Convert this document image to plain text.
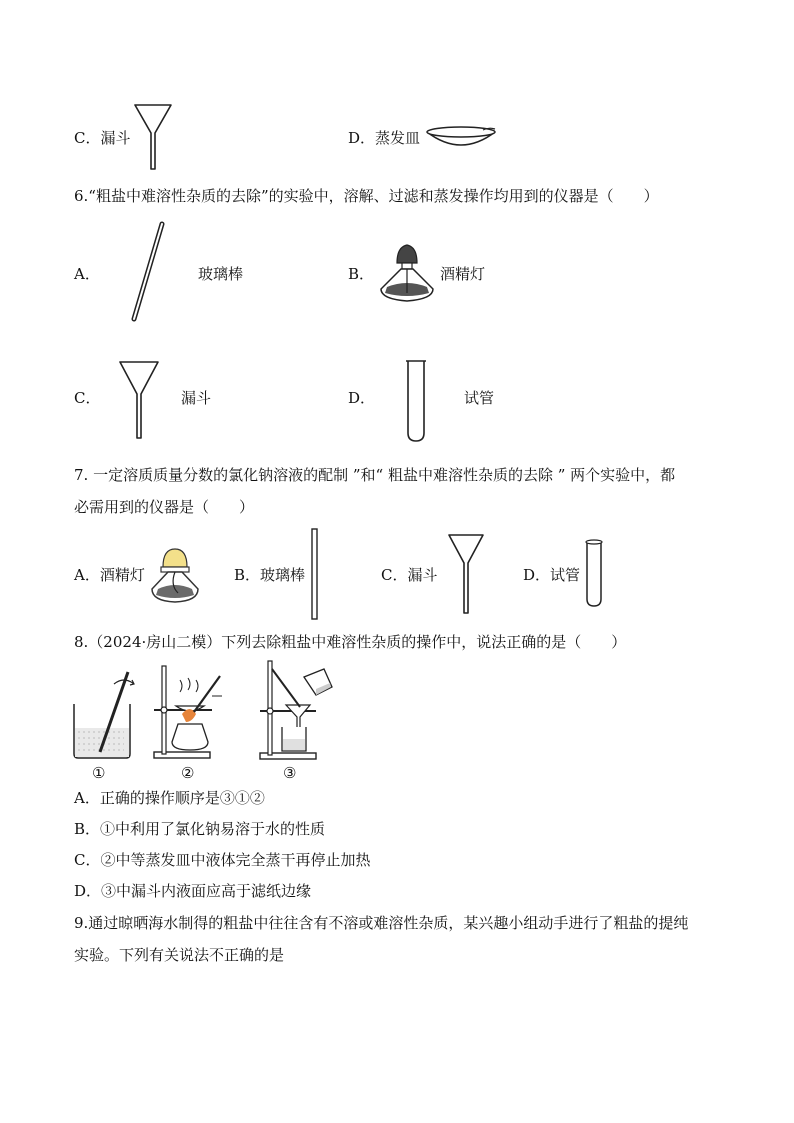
C．漏斗	D．蒸发皿
6.“粗盐中难溶性杂质的去除”的实验中，溶解、过滤和蒸发操作均用到的仪器是（　　）
A．	玻璃棒	B．	酒精灯
C．	漏斗	D．	试管
7. 一定溶质质量分数的氯化钠溶液的配制 ”和“ 粗盐中难溶性杂质的去除 ” 两个实验中，都
必需用到的仪器是（　　）
A．酒精灯	B．玻璃棒	C．漏斗	D．试管
8.（2024·房山二模）下列去除粗盐中难溶性杂质的操作中，说法正确的是（　　）
①	②	③
A．正确的操作顺序是③①②
B．①中利用了氯化钠易溶于水的性质
C．②中等蒸发皿中液体完全蒸干再停止加热
D．③中漏斗内液面应高于滤纸边缘
9.通过晾晒海水制得的粗盐中往往含有不溶或难溶性杂质，某兴趣小组动手进行了粗盐的提纯
实验。下列有关说法不正确的是
